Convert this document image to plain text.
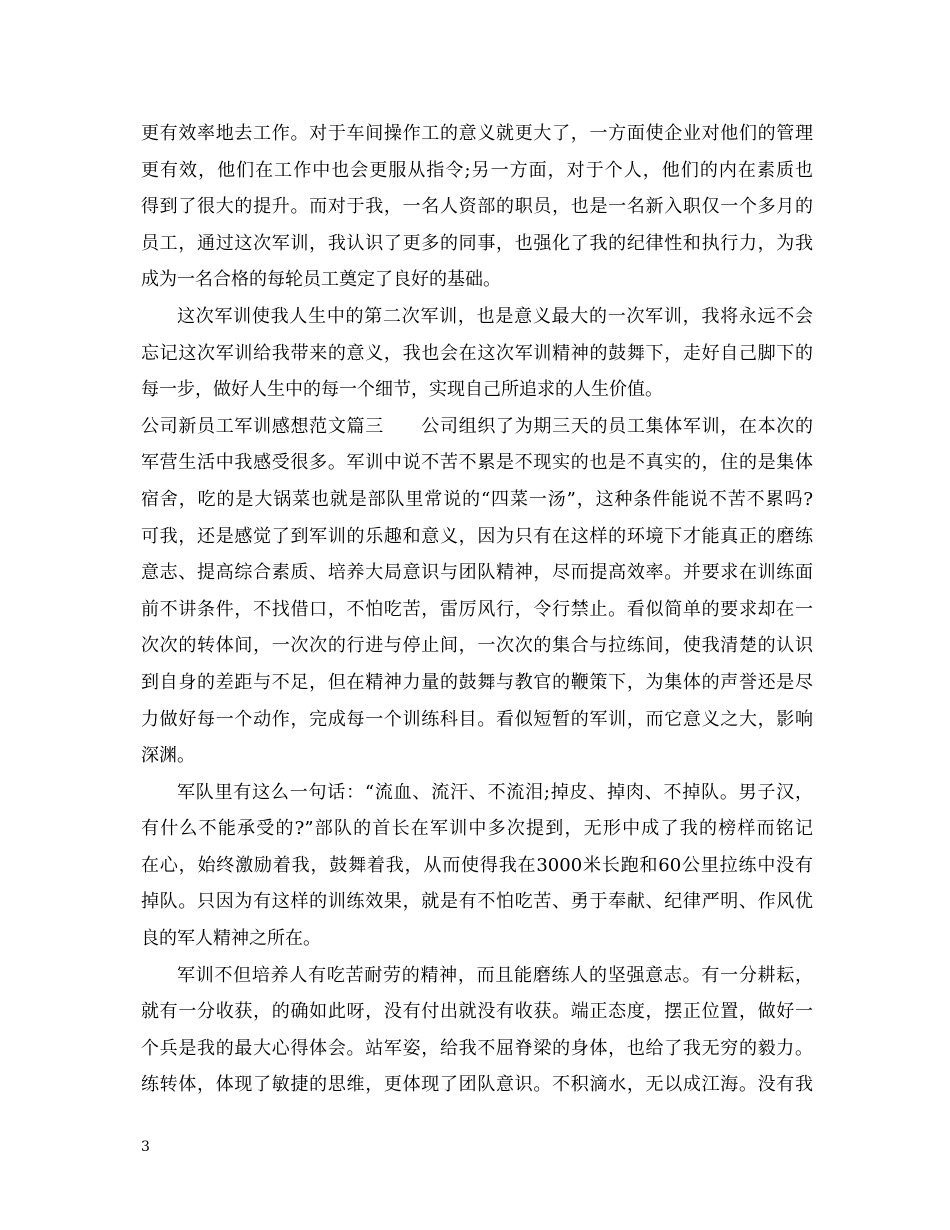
更有效率地去工作。对于车间操作工的意义就更大了，一方面使企业对他们的管理
更有效，他们在工作中也会更服从指令;另一方面，对于个人，他们的内在素质也
得到了很大的提升。而对于我，一名人资部的职员，也是一名新入职仅一个多月的
员工，通过这次军训，我认识了更多的同事，也强化了我的纪律性和执行力，为我
成为一名合格的每轮员工奠定了良好的基础。
这次军训使我人生中的第二次军训，也是意义最大的一次军训，我将永远不会
忘记这次军训给我带来的意义，我也会在这次军训精神的鼓舞下，走好自己脚下的
每一步，做好人生中的每一个细节，实现自己所追求的人生价值。
公司新员工军训感想范文篇三　　公司组织了为期三天的员工集体军训，在本次的
军营生活中我感受很多。军训中说不苦不累是不现实的也是不真实的，住的是集体
宿舍，吃的是大锅菜也就是部队里常说的“四菜一汤”，这种条件能说不苦不累吗?
可我，还是感觉了到军训的乐趣和意义，因为只有在这样的环境下才能真正的磨练
意志、提高综合素质、培养大局意识与团队精神，尽而提高效率。并要求在训练面
前不讲条件，不找借口，不怕吃苦，雷厉风行，令行禁止。看似简单的要求却在一
次次的转体间，一次次的行进与停止间，一次次的集合与拉练间，使我清楚的认识
到自身的差距与不足，但在精神力量的鼓舞与教官的鞭策下，为集体的声誉还是尽
力做好每一个动作，完成每一个训练科目。看似短暂的军训，而它意义之大，影响
深渊。
军队里有这么一句话：“流血、流汗、不流泪;掉皮、掉肉、不掉队。男子汉，
有什么不能承受的?”部队的首长在军训中多次提到，无形中成了我的榜样而铭记
在心，始终激励着我，鼓舞着我，从而使得我在3000米长跑和60公里拉练中没有
掉队。只因为有这样的训练效果，就是有不怕吃苦、勇于奉献、纪律严明、作风优
良的军人精神之所在。
军训不但培养人有吃苦耐劳的精神，而且能磨练人的坚强意志。有一分耕耘，
就有一分收获，的确如此呀，没有付出就没有收获。端正态度，摆正位置，做好一
个兵是我的最大心得体会。站军姿，给我不屈脊梁的身体，也给了我无穷的毅力。
练转体，体现了敏捷的思维，更体现了团队意识。不积滴水，无以成江海。没有我
3
